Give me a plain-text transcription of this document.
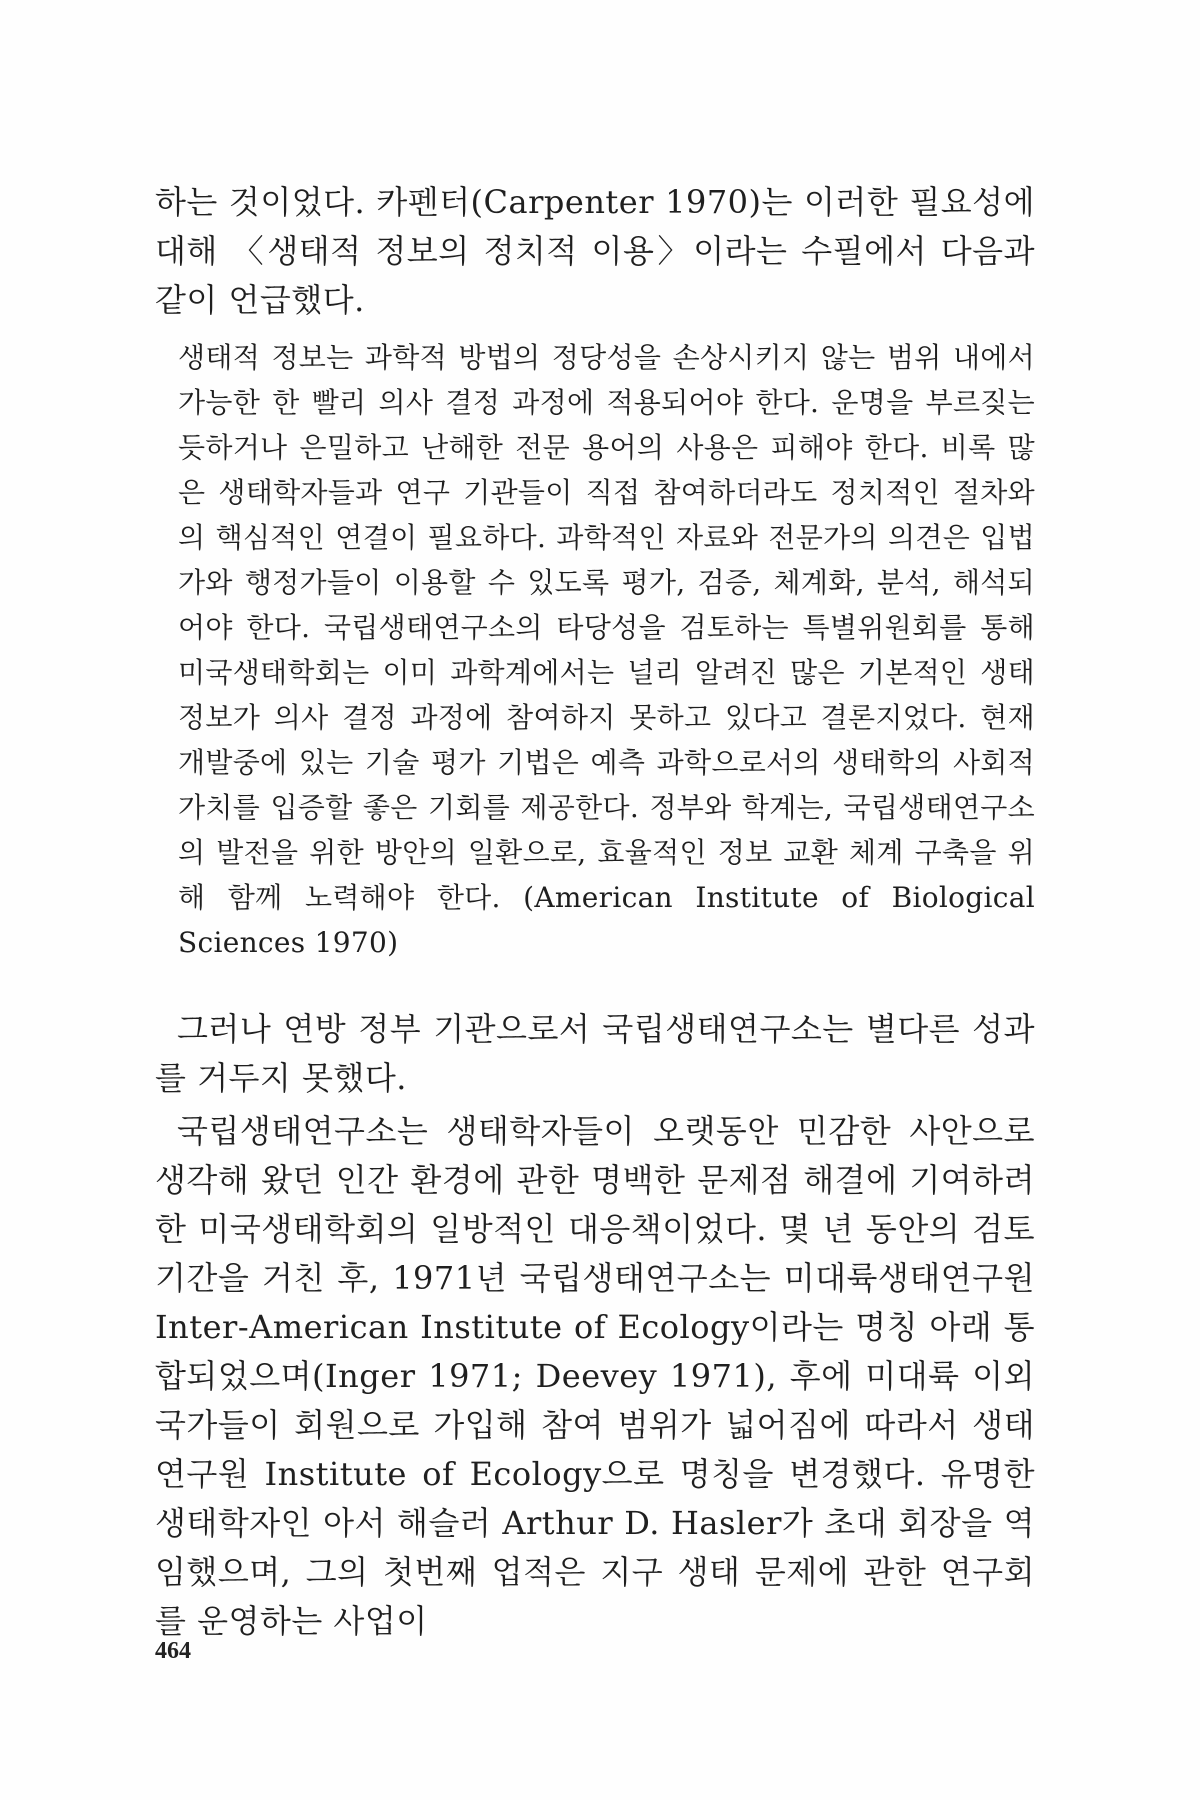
하는 것이었다. 카펜터(Carpenter 1970)는 이러한 필요성에 대해 〈생태적 정보의 정치적 이용〉이라는 수필에서 다음과 같이 언급했다.

생태적 정보는 과학적 방법의 정당성을 손상시키지 않는 범위 내에서 가능한 한 빨리 의사 결정 과정에 적용되어야 한다. 운명을 부르짖는 듯하거나 은밀하고 난해한 전문 용어의 사용은 피해야 한다. 비록 많은 생태학자들과 연구 기관들이 직접 참여하더라도 정치적인 절차와의 핵심적인 연결이 필요하다. 과학적인 자료와 전문가의 의견은 입법가와 행정가들이 이용할 수 있도록 평가, 검증, 체계화, 분석, 해석되어야 한다. 국립생태연구소의 타당성을 검토하는 특별위원회를 통해 미국생태학회는 이미 과학계에서는 널리 알려진 많은 기본적인 생태 정보가 의사 결정 과정에 참여하지 못하고 있다고 결론지었다. 현재 개발중에 있는 기술 평가 기법은 예측 과학으로서의 생태학의 사회적 가치를 입증할 좋은 기회를 제공한다. 정부와 학계는, 국립생태연구소의 발전을 위한 방안의 일환으로, 효율적인 정보 교환 체계 구축을 위해 함께 노력해야 한다. (American Institute of Biological Sciences 1970)

그러나 연방 정부 기관으로서 국립생태연구소는 별다른 성과를 거두지 못했다.

국립생태연구소는 생태학자들이 오랫동안 민감한 사안으로 생각해 왔던 인간 환경에 관한 명백한 문제점 해결에 기여하려 한 미국생태학회의 일방적인 대응책이었다. 몇 년 동안의 검토 기간을 거친 후, 1971년 국립생태연구소는 미대륙생태연구원 Inter-American Institute of Ecology이라는 명칭 아래 통합되었으며(Inger 1971; Deevey 1971), 후에 미대륙 이외 국가들이 회원으로 가입해 참여 범위가 넓어짐에 따라서 생태연구원 Institute of Ecology으로 명칭을 변경했다. 유명한 생태학자인 아서 해슬러 Arthur D. Hasler가 초대 회장을 역임했으며, 그의 첫번째 업적은 지구 생태 문제에 관한 연구회를 운영하는 사업이

464
